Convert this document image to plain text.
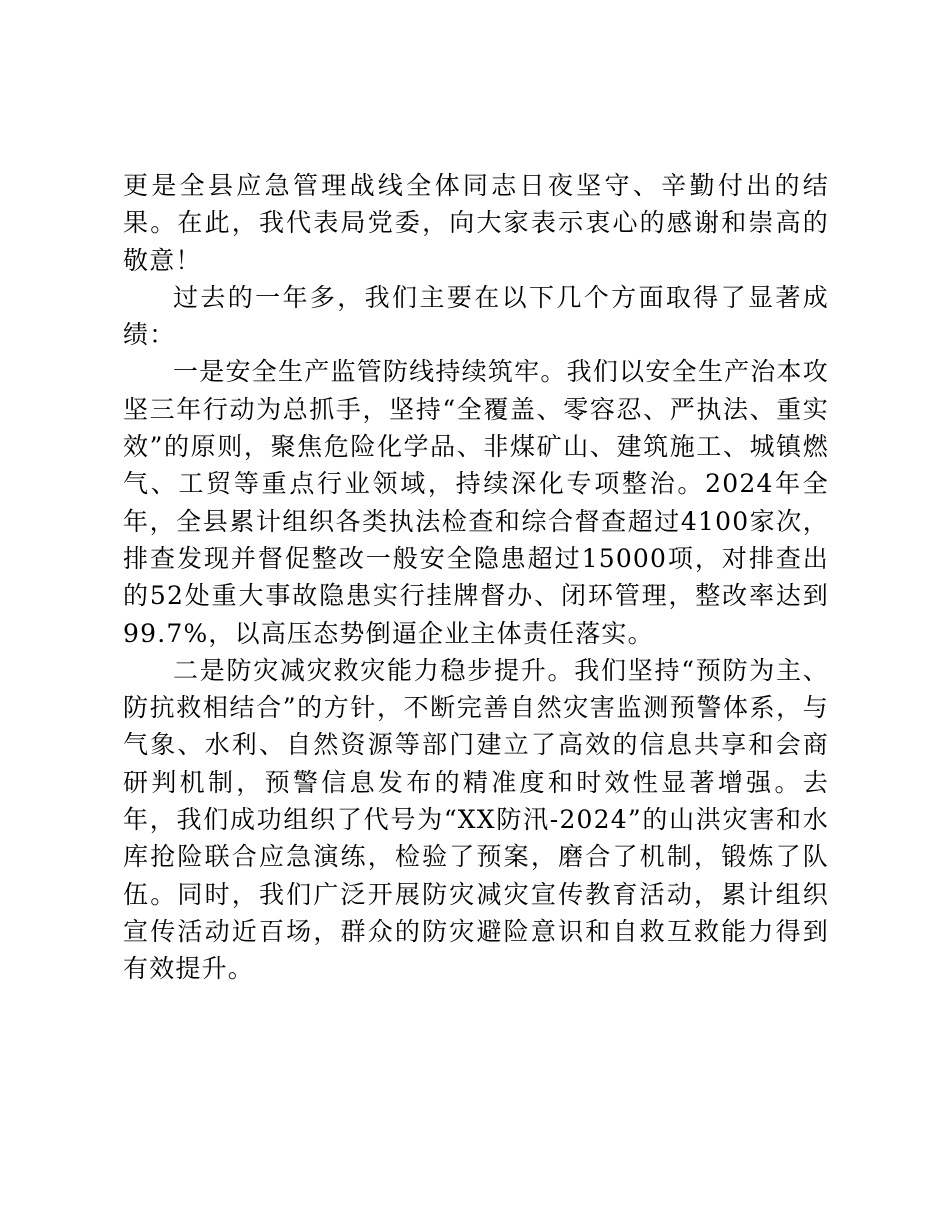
更是全县应急管理战线全体同志日夜坚守、辛勤付出的结果。在此，我代表局党委，向大家表示衷心的感谢和崇高的敬意！

过去的一年多，我们主要在以下几个方面取得了显著成绩：

一是安全生产监管防线持续筑牢。我们以安全生产治本攻坚三年行动为总抓手，坚持“全覆盖、零容忍、严执法、重实效”的原则，聚焦危险化学品、非煤矿山、建筑施工、城镇燃气、工贸等重点行业领域，持续深化专项整治。2024年全年，全县累计组织各类执法检查和综合督查超过4100家次，排查发现并督促整改一般安全隐患超过15000项，对排查出的52处重大事故隐患实行挂牌督办、闭环管理，整改率达到99.7%，以高压态势倒逼企业主体责任落实。

二是防灾减灾救灾能力稳步提升。我们坚持“预防为主、防抗救相结合”的方针，不断完善自然灾害监测预警体系，与气象、水利、自然资源等部门建立了高效的信息共享和会商研判机制，预警信息发布的精准度和时效性显著增强。去年，我们成功组织了代号为“XX防汛-2024”的山洪灾害和水库抢险联合应急演练，检验了预案，磨合了机制，锻炼了队伍。同时，我们广泛开展防灾减灾宣传教育活动，累计组织宣传活动近百场，群众的防灾避险意识和自救互救能力得到有效提升。
